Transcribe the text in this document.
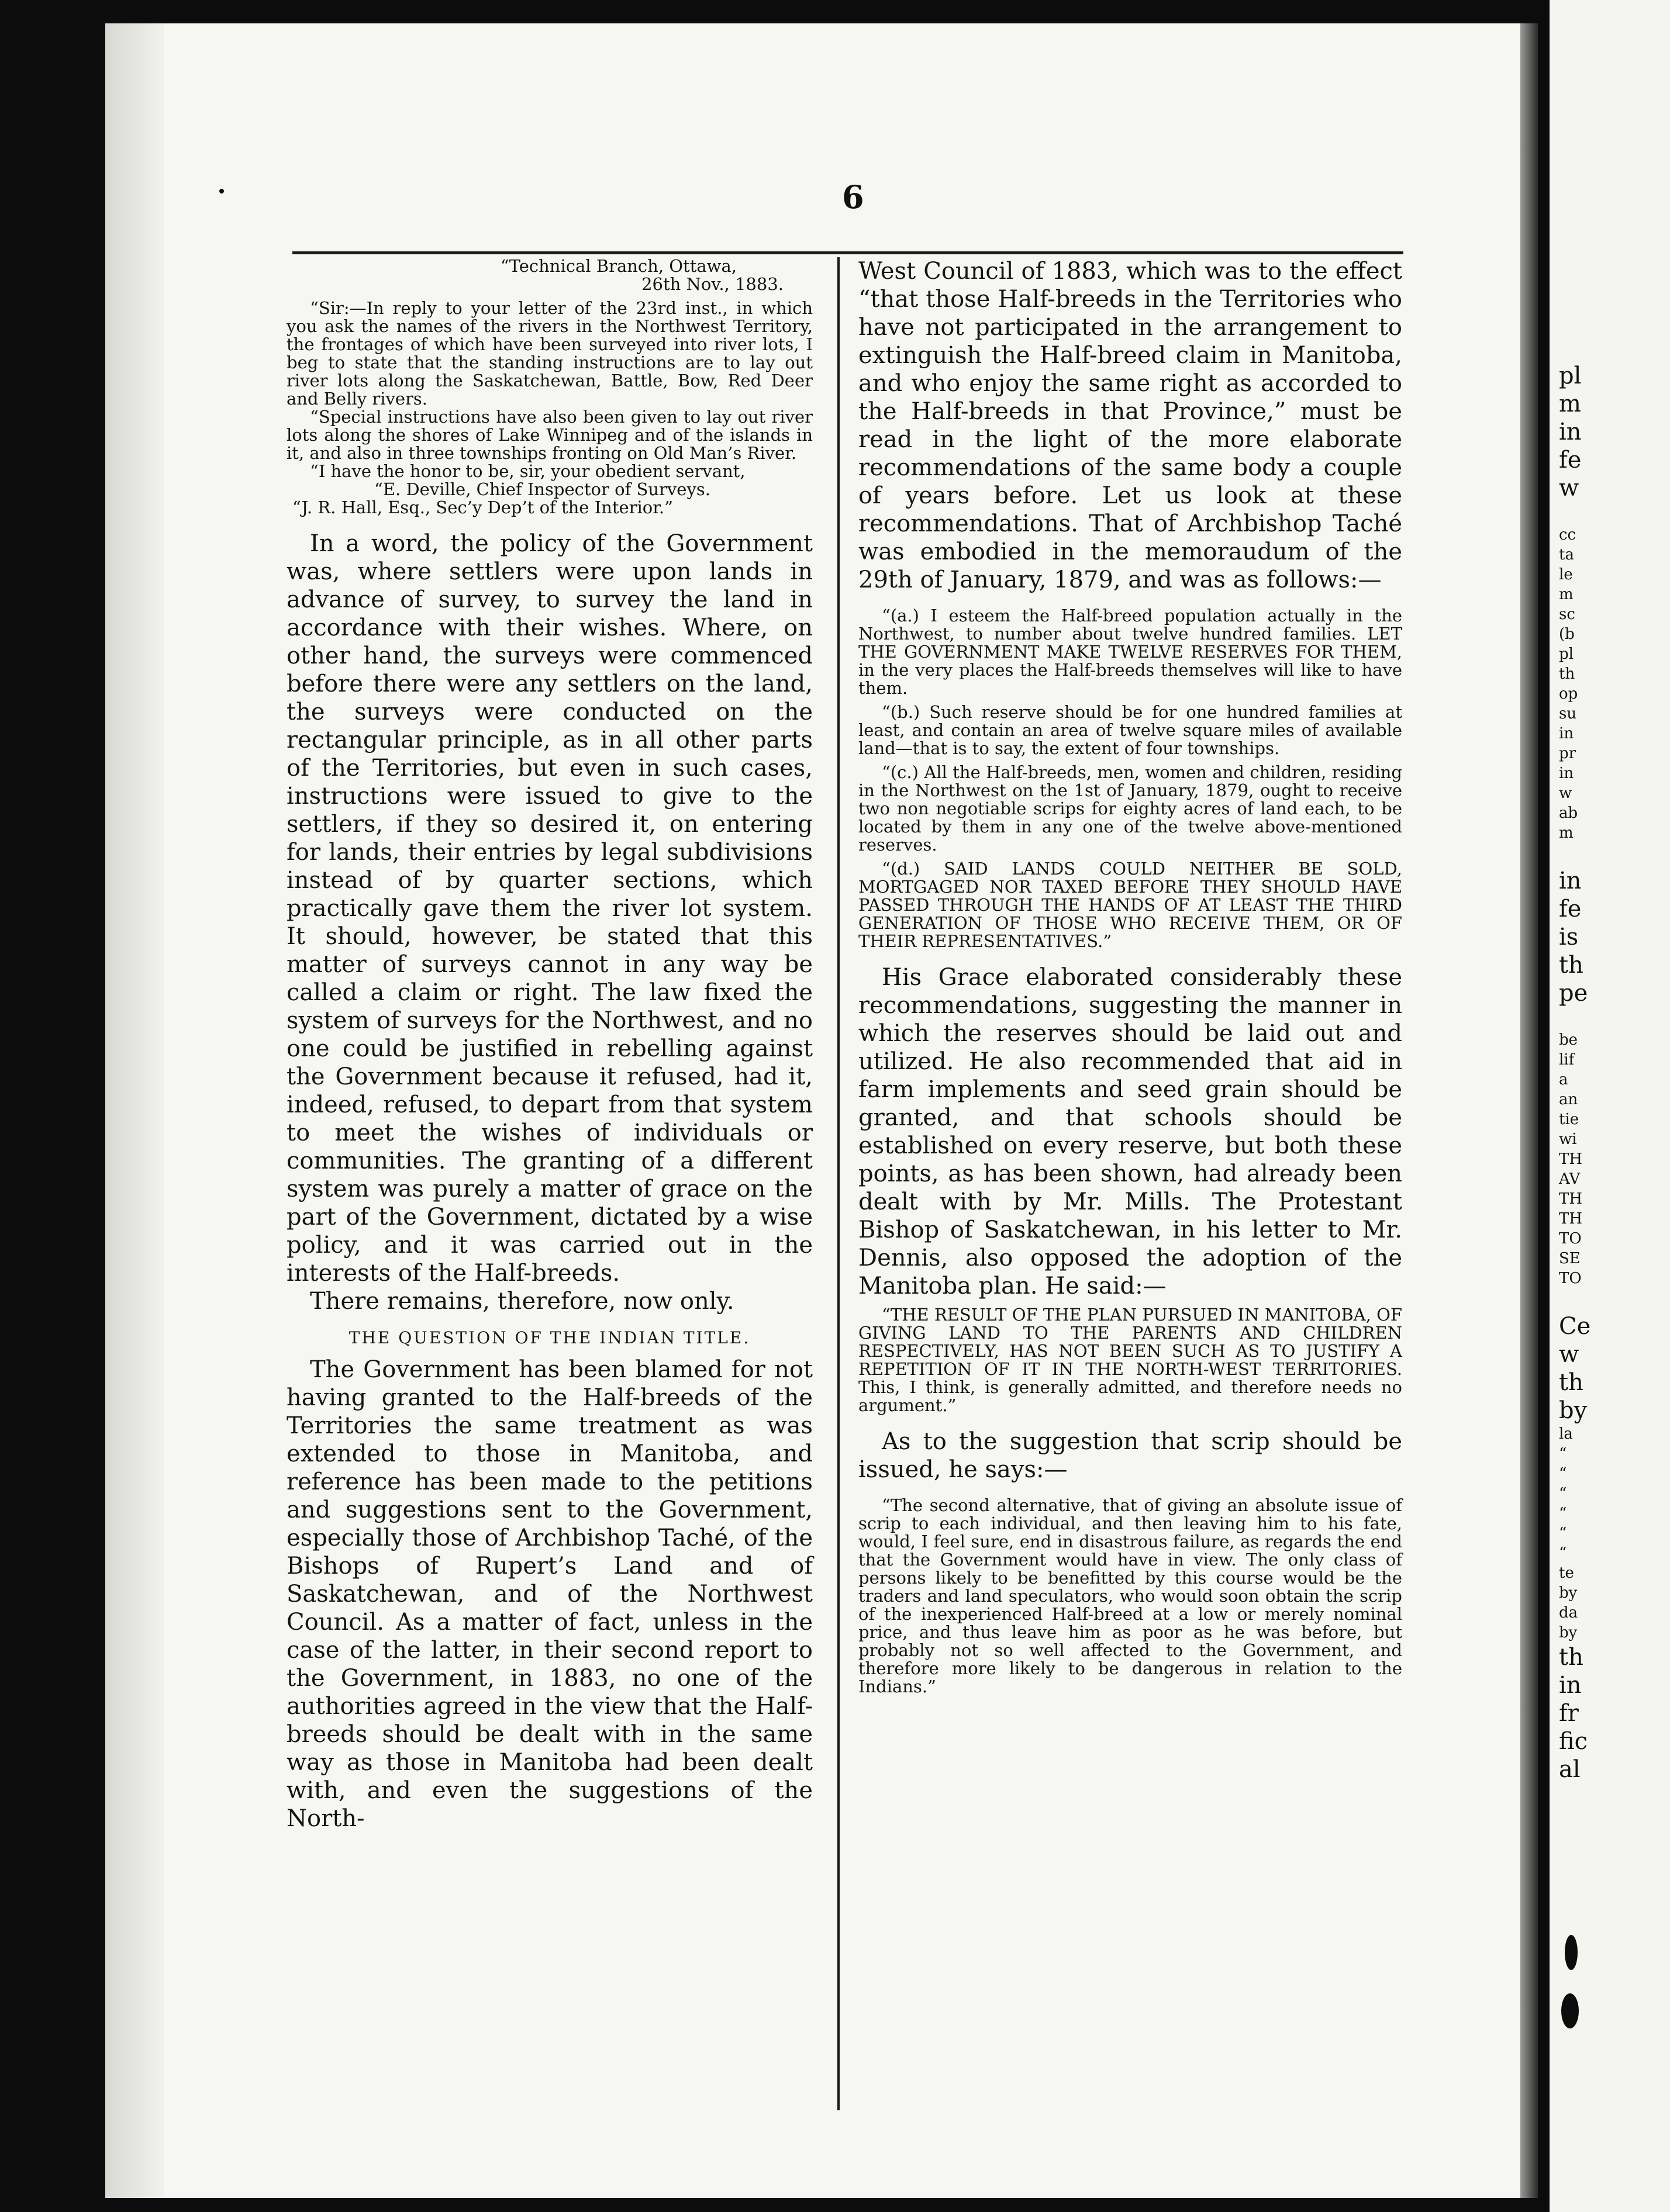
pl
m
in
fe
w
cc
ta
le
m
sc
(b
pl
th
op
su
in
pr
in
w
ab
m
in
fe
is
th
pe
be
lif
a
an
tie
wi
TH
AV
TH
TH
TO
SE
TO
Ce
w
th
by
la
“
“
“
“
“
“
te
by
da
by
th
in
fr
fic
al
6
“Technical Branch, Ottawa,
26th Nov., 1883.

“Sir:—In reply to your letter of the 23rd inst., in which you ask the names of the rivers in the Northwest Territory, the frontages of which have been surveyed into river lots, I beg to state that the standing instructions are to lay out river lots along the Saskatchewan, Battle, Bow, Red Deer and Belly rivers.

“Special instructions have also been given to lay out river lots along the shores of Lake Winnipeg and of the islands in it, and also in three townships fronting on Old Man’s River.

“I have the honor to be, sir, your obedient servant,

“E. Deville, Chief Inspector of Surveys.
“J. R. Hall, Esq., Sec’y Dep’t of the Interior.”

In a word, the policy of the Government was, where settlers were upon lands in advance of survey, to survey the land in accordance with their wishes. Where, on other hand, the surveys were commenced before there were any settlers on the land, the surveys were conducted on the rectangular principle, as in all other parts of the Territories, but even in such cases, instructions were issued to give to the settlers, if they so desired it, on entering for lands, their entries by legal subdivisions instead of by quarter sections, which practically gave them the river lot system. It should, however, be stated that this matter of surveys cannot in any way be called a claim or right. The law fixed the system of surveys for the Northwest, and no one could be justified in rebelling against the Government because it refused, had it, indeed, refused, to depart from that system to meet the wishes of individuals or communities. The granting of a different system was purely a matter of grace on the part of the Government, dictated by a wise policy, and it was carried out in the interests of the Half-breeds.

There remains, therefore, now only.

THE QUESTION OF THE INDIAN TITLE.

The Government has been blamed for not having granted to the Half-breeds of the Territories the same treatment as was extended to those in Manitoba, and reference has been made to the petitions and suggestions sent to the Government, especially those of Archbishop Taché, of the Bishops of Rupert’s Land and of Saskatchewan, and of the Northwest Council. As a matter of fact, unless in the case of the latter, in their second report to the Government, in 1883, no one of the authorities agreed in the view that the Half-breeds should be dealt with in the same way as those in Manitoba had been dealt with, and even the suggestions of the North-

West Council of 1883, which was to the effect “that those Half-breeds in the Territories who have not participated in the arrangement to extinguish the Half-breed claim in Manitoba, and who enjoy the same right as accorded to the Half-breeds in that Province,” must be read in the light of the more elaborate recommendations of the same body a couple of years before. Let us look at these recommendations. That of Archbishop Taché was embodied in the memoraudum of the 29th of January, 1879, and was as follows:—

“(a.) I esteem the Half-breed population actually in the Northwest, to number about twelve hundred families. LET THE GOVERNMENT MAKE TWELVE RESERVES FOR THEM, in the very places the Half-breeds themselves will like to have them.

“(b.) Such reserve should be for one hundred families at least, and contain an area of twelve square miles of available land—that is to say, the extent of four townships.

“(c.) All the Half-breeds, men, women and children, residing in the Northwest on the 1st of January, 1879, ought to receive two non negotiable scrips for eighty acres of land each, to be located by them in any one of the twelve above-mentioned reserves.

“(d.) SAID LANDS COULD NEITHER BE SOLD, MORTGAGED NOR TAXED BEFORE THEY SHOULD HAVE PASSED THROUGH THE HANDS OF AT LEAST THE THIRD GENERATION OF THOSE WHO RECEIVE THEM, OR OF THEIR REPRESENTATIVES.”

His Grace elaborated considerably these recommendations, suggesting the manner in which the reserves should be laid out and utilized. He also recommended that aid in farm implements and seed grain should be granted, and that schools should be established on every reserve, but both these points, as has been shown, had already been dealt with by Mr. Mills. The Protestant Bishop of Saskatchewan, in his letter to Mr. Dennis, also opposed the adoption of the Manitoba plan. He said:—

“THE RESULT OF THE PLAN PURSUED IN MANITOBA, OF GIVING LAND TO THE PARENTS AND CHILDREN RESPECTIVELY, HAS NOT BEEN SUCH AS TO JUSTIFY A REPETITION OF IT IN THE NORTH-WEST TERRITORIES. This, I think, is generally admitted, and therefore needs no argument.”

As to the suggestion that scrip should be issued, he says:—

“The second alternative, that of giving an absolute issue of scrip to each individual, and then leaving him to his fate, would, I feel sure, end in disastrous failure, as regards the end that the Government would have in view. The only class of persons likely to be benefitted by this course would be the traders and land speculators, who would soon obtain the scrip of the inexperienced Half-breed at a low or merely nominal price, and thus leave him as poor as he was before, but probably not so well affected to the Government, and therefore more likely to be dangerous in relation to the Indians.”
